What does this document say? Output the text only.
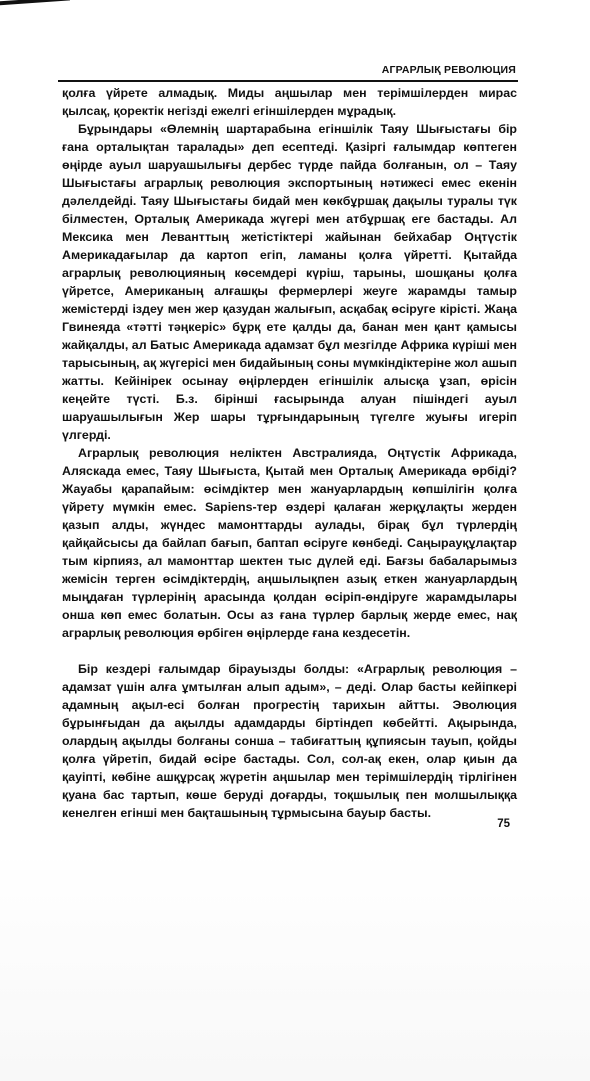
АГРАРЛЫҚ РЕВОЛЮЦИЯ

қолға үйрете алмадық. Миды аңшылар мен терімшілерден мирас қылсақ, қоректік негізді ежелгі егіншілерден мұрадық.

Бұрындары «Өлемнің шартарабына егіншілік Таяу Шығыстағы бір ғана орталықтан таралады» деп есептеді. Қазіргі ғалымдар көптеген өңірде ауыл шаруашылығы дербес түрде пайда болғанын, ол – Таяу Шығыстағы аграрлық революция экспортының нәтижесі емес екенін дәлелдейді. Таяу Шығыстағы бидай мен көкбұршақ дақылы туралы түк білместен, Орталық Америкада жүгері мен атбұршақ еге бастады. Ал Мексика мен Леванттың жетістіктері жайынан бейхабар Оңтүстік Америкадағылар да картоп егіп, ламаны қолға үйретті. Қытайда аграрлық революцияның көсемдері күріш, тарыны, шошқаны қолға үйретсе, Американың алғашқы фермерлері жеуге жарамды тамыр жемістерді іздеу мен жер қазудан жалығып, асқабақ өсіруге кірісті. Жаңа Гвинеяда «тәтті тәңкеріс» бұрқ ете қалды да, банан мен қант қамысы жайқалды, ал Батыс Америкада адамзат бұл мезгілде Африка күріші мен тарысының, ақ жүгерісі мен бидайының соны мүмкіндіктеріне жол ашып жатты. Кейінірек осынау өңірлерден егіншілік алысқа ұзап, өрісін кеңейте түсті. Б.з. бірінші ғасырында алуан пішіндегі ауыл шаруашылығын Жер шары тұрғындарының түгелге жуығы игеріп үлгерді.

Аграрлық революция неліктен Австралияда, Оңтүстік Африкада, Аляскада емес, Таяу Шығыста, Қытай мен Орталық Америкада өрбіді? Жауабы қарапайым: өсімдіктер мен жануарлардың көпшілігін қолға үйрету мүмкін емес. Sapiens-тер өздері қалаған жерқұлақты жерден қазып алды, жүндес мамонттарды аулады, бірақ бұл түрлердің қайқайсысы да байлап бағып, баптап өсіруге көнбеді. Саңырауқұлақтар тым кірпияз, ал мамонттар шектен тыс дүлей еді. Бағзы бабаларымыз жемісін терген өсімдіктердің, аңшылықпен азық еткен жануарлардың мыңдаған түрлерінің арасында қолдан өсіріп-өндіруге жарамдылары онша көп емес болатын. Осы аз ғана түрлер барлық жерде емес, нақ аграрлық революция өрбіген өңірлерде ғана кездесетін.

Бір кездері ғалымдар бірауызды болды: «Аграрлық революция – адамзат үшін алға ұмтылған алып адым», – деді. Олар басты кейіпкері адамның ақыл-есі болған прогрестің тарихын айтты. Эволюция бұрынғыдан да ақылды адамдарды біртіндеп көбейтті. Ақырында, олардың ақылды болғаны сонша – табиғаттың құпиясын тауып, қойды қолға үйретіп, бидай өсіре бастады. Сол, сол-ақ екен, олар қиын да қауіпті, көбіне ашқұрсақ жүретін аңшылар мен терімшілердің тірлігінен қуана бас тартып, көше беруді доғарды, тоқшылық пен молшылыққа кенелген егінші мен бақташының тұрмысына бауыр басты.

75
